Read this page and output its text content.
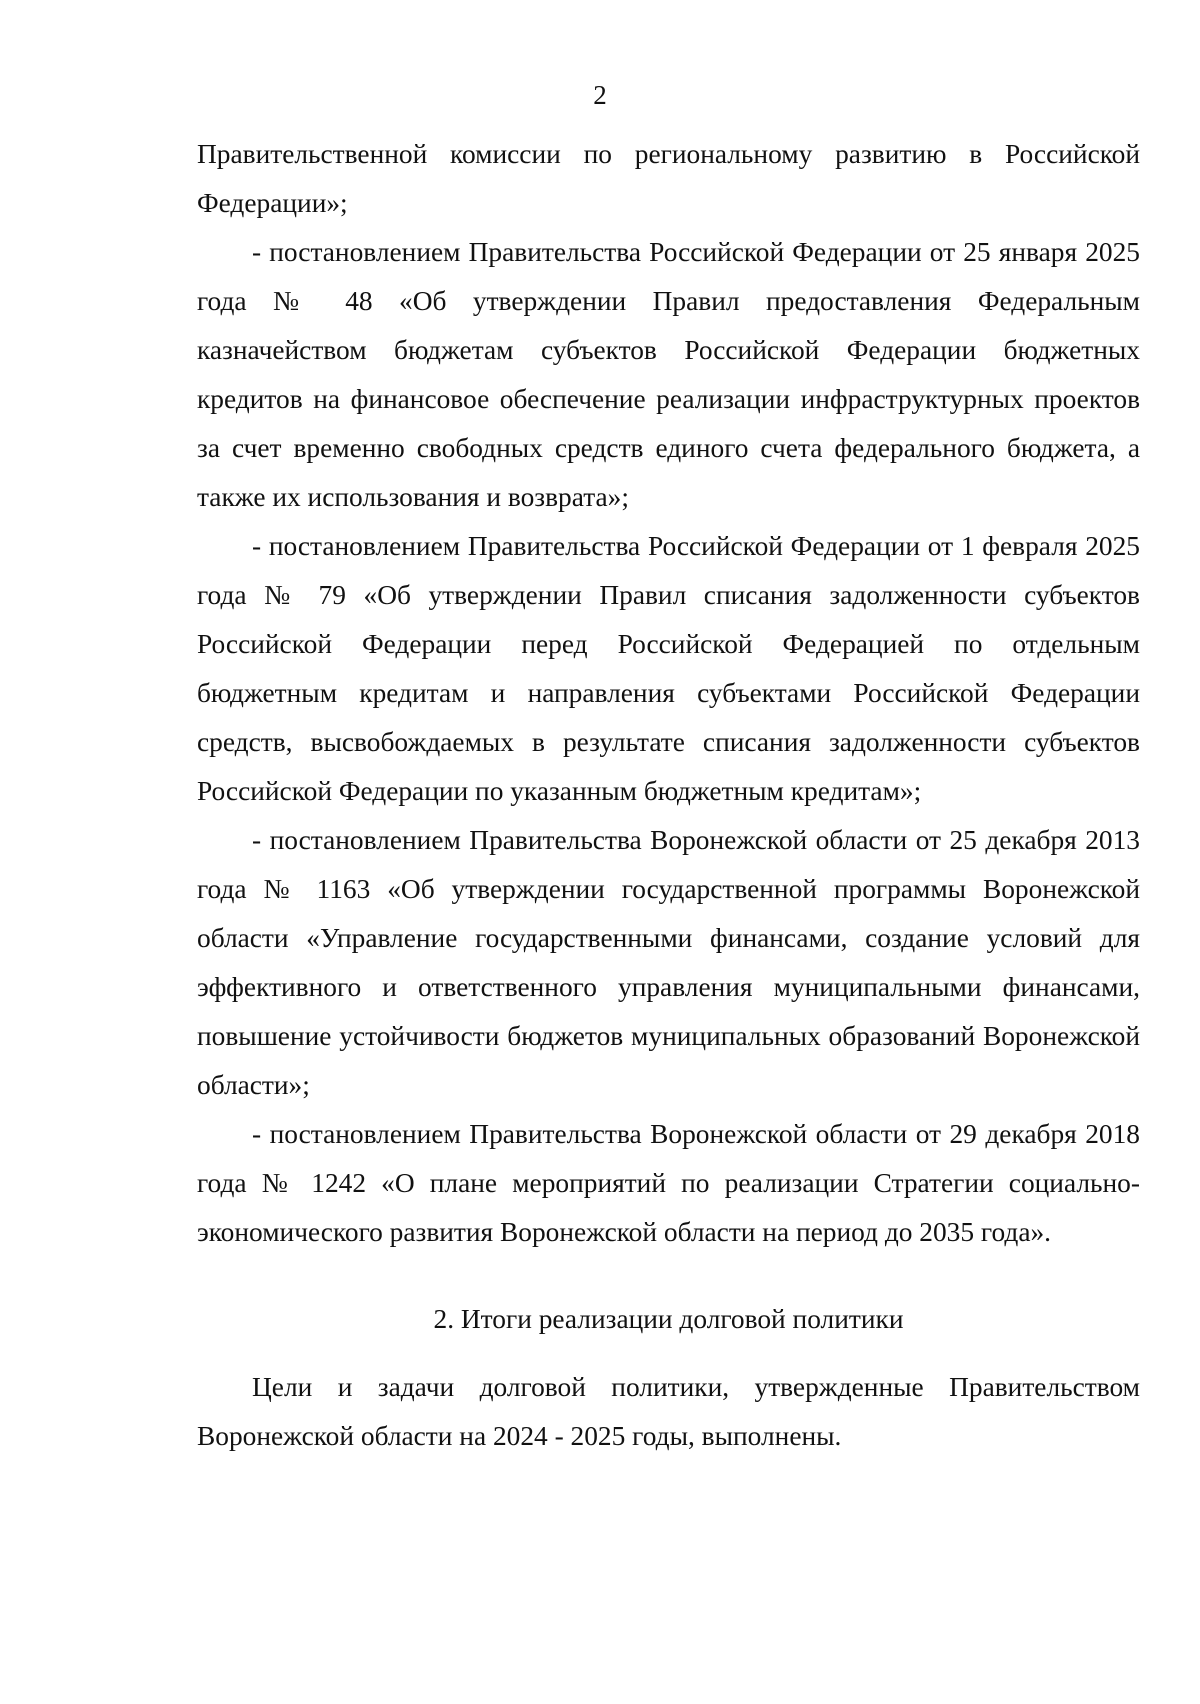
2

Правительственной комиссии по региональному развитию в Российской Федерации»;

- постановлением Правительства Российской Федерации от 25 января 2025 года № 48 «Об утверждении Правил предоставления Федеральным казначейством бюджетам субъектов Российской Федерации бюджетных кредитов на финансовое обеспечение реализации инфраструктурных проектов за счет временно свободных средств единого счета федерального бюджета, а также их использования и возврата»;

- постановлением Правительства Российской Федерации от 1 февраля 2025 года № 79 «Об утверждении Правил списания задолженности субъектов Российской Федерации перед Российской Федерацией по отдельным бюджетным кредитам и направления субъектами Российской Федерации средств, высвобождаемых в результате списания задолженности субъектов Российской Федерации по указанным бюджетным кредитам»;

- постановлением Правительства Воронежской области от 25 декабря 2013 года № 1163 «Об утверждении государственной программы Воронежской области «Управление государственными финансами, создание условий для эффективного и ответственного управления муниципальными финансами, повышение устойчивости бюджетов муниципальных образований Воронежской области»;

- постановлением Правительства Воронежской области от 29 декабря 2018 года № 1242 «О плане мероприятий по реализации Стратегии социально-экономического развития Воронежской области на период до 2035 года».

2. Итоги реализации долговой политики

Цели и задачи долговой политики, утвержденные Правительством Воронежской области на 2024 - 2025 годы, выполнены.
